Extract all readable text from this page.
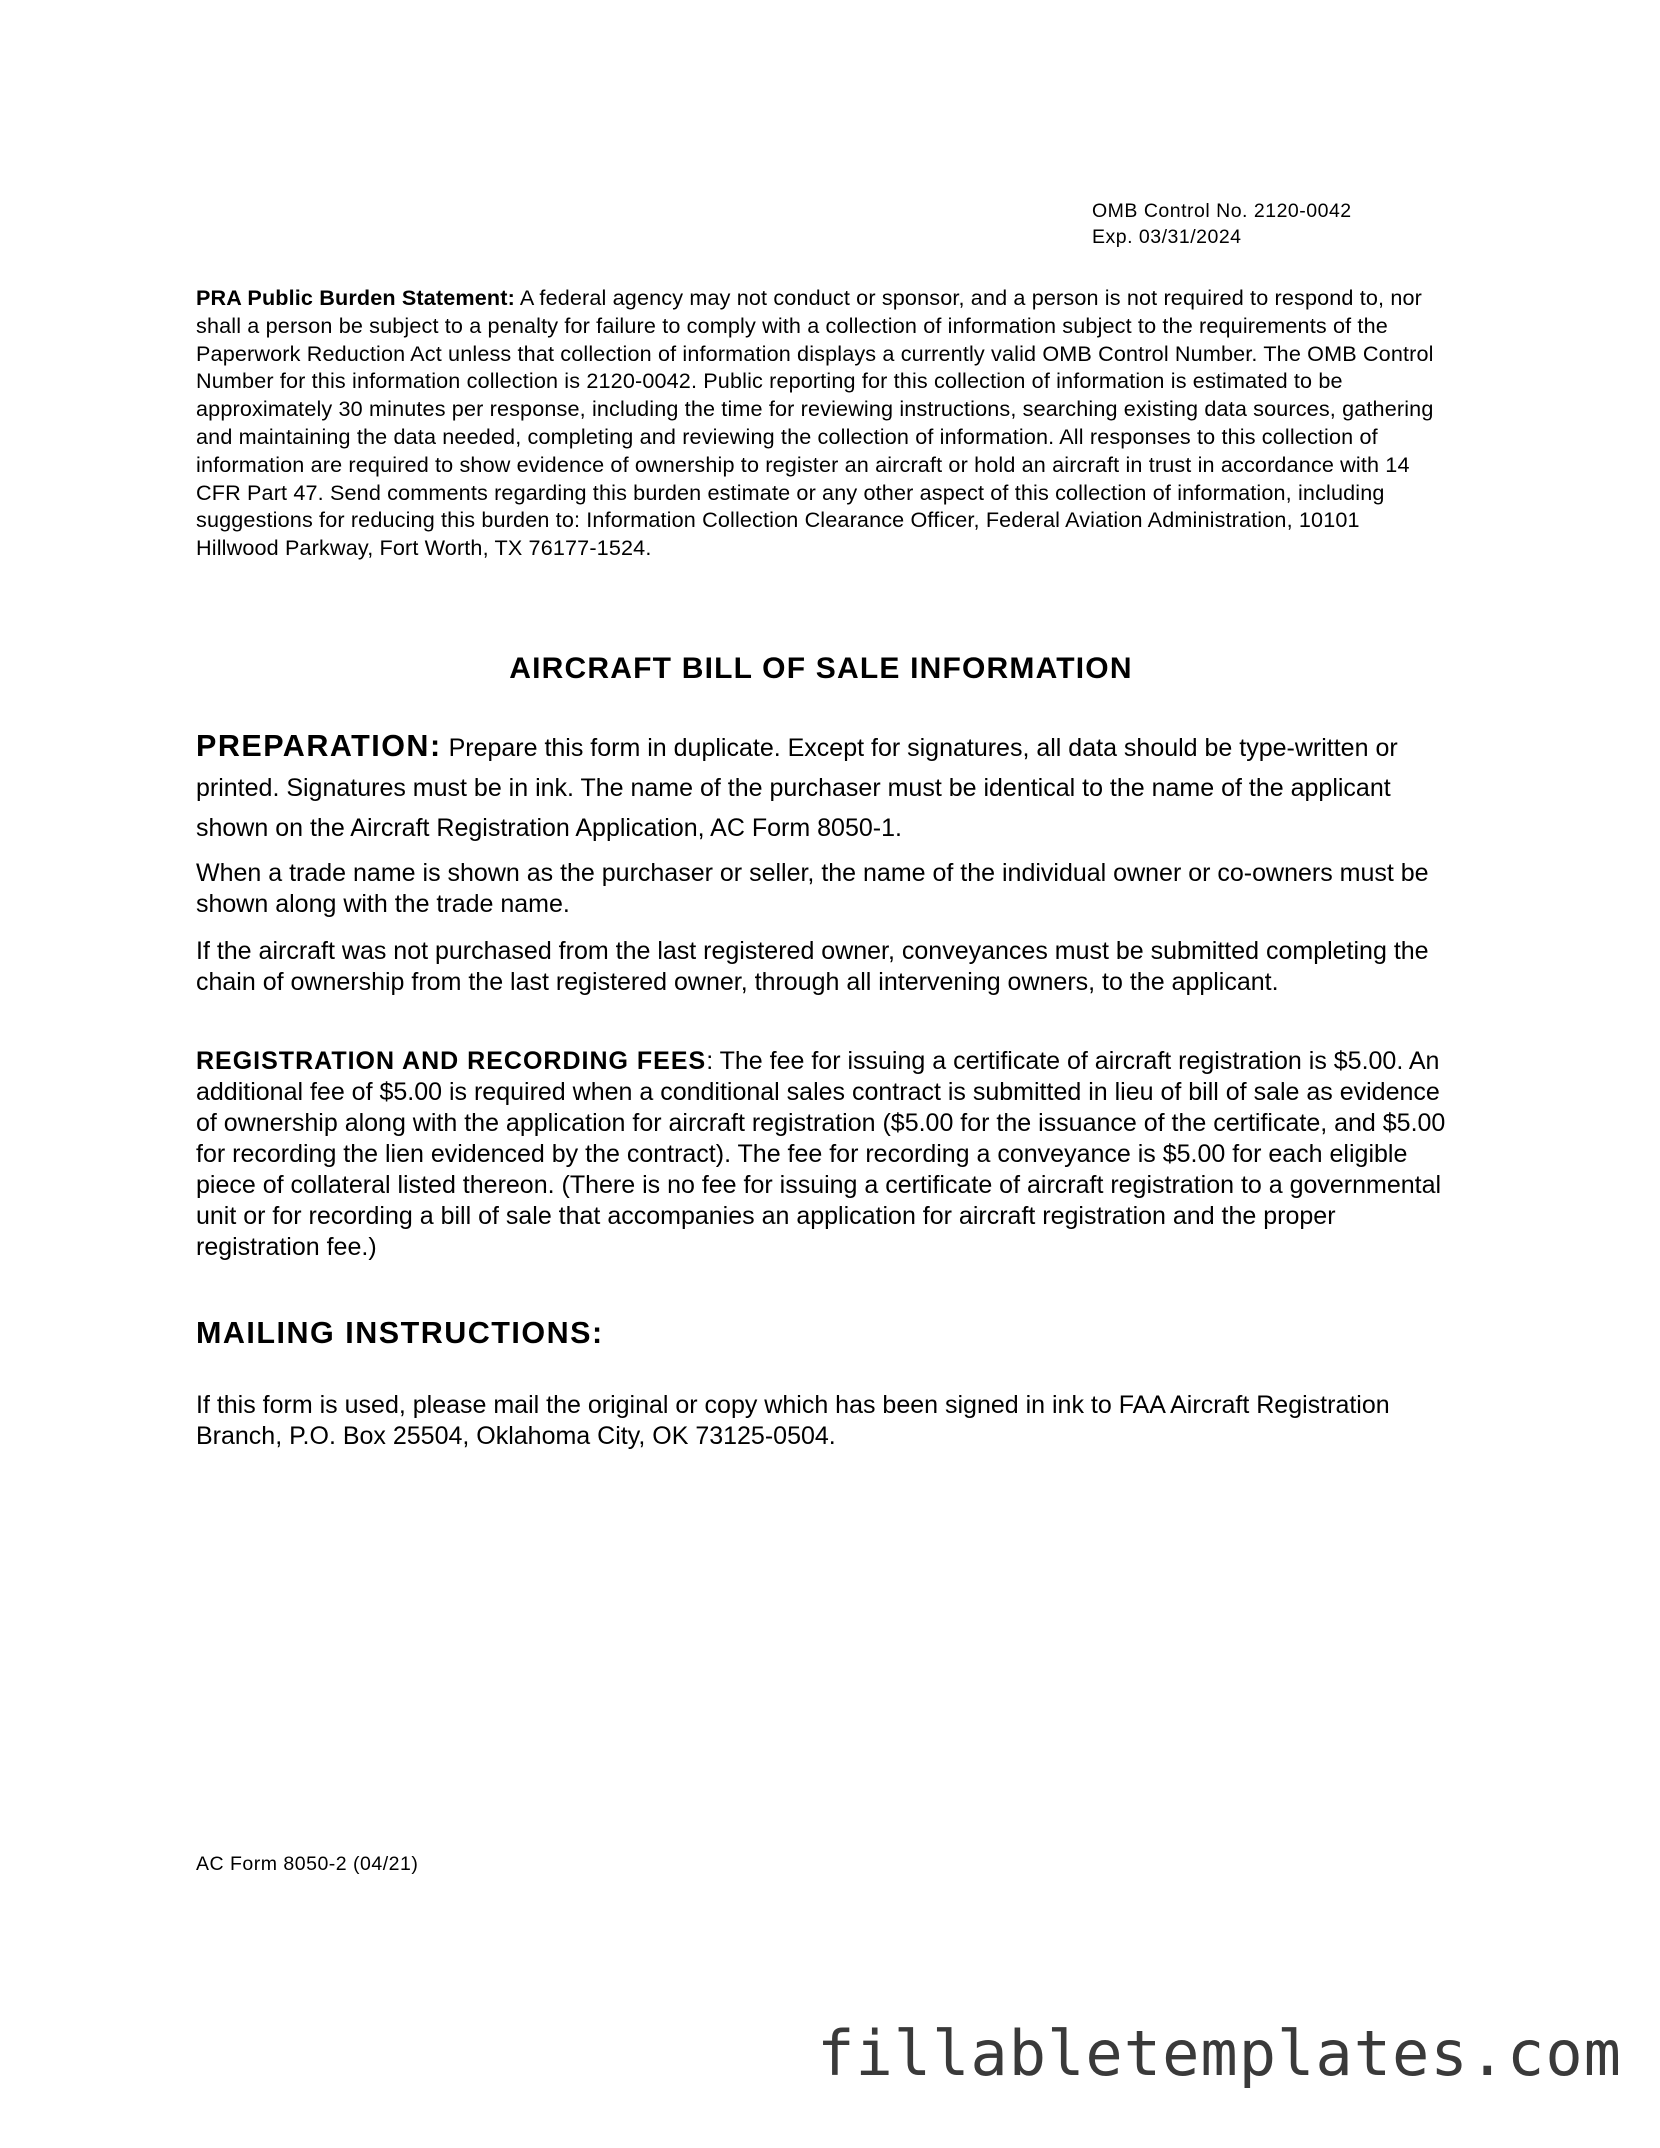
OMB Control No. 2120-0042
Exp. 03/31/2024
PRA Public Burden Statement: A federal agency may not conduct or sponsor, and a person is not required to respond to, nor shall a person be subject to a penalty for failure to comply with a collection of information subject to the requirements of the Paperwork Reduction Act unless that collection of information displays a currently valid OMB Control Number. The OMB Control Number for this information collection is 2120-0042. Public reporting for this collection of information is estimated to be approximately 30 minutes per response, including the time for reviewing instructions, searching existing data sources, gathering and maintaining the data needed, completing and reviewing the collection of information. All responses to this collection of information are required to show evidence of ownership to register an aircraft or hold an aircraft in trust in accordance with 14 CFR Part 47. Send comments regarding this burden estimate or any other aspect of this collection of information, including suggestions for reducing this burden to: Information Collection Clearance Officer, Federal Aviation Administration, 10101 Hillwood Parkway, Fort Worth, TX 76177-1524.
AIRCRAFT BILL OF SALE INFORMATION
PREPARATION: Prepare this form in duplicate. Except for signatures, all data should be type-written or printed. Signatures must be in ink. The name of the purchaser must be identical to the name of the applicant shown on the Aircraft Registration Application, AC Form 8050-1.

When a trade name is shown as the purchaser or seller, the name of the individual owner or co-owners must be shown along with the trade name.

If the aircraft was not purchased from the last registered owner, conveyances must be submitted completing the chain of ownership from the last registered owner, through all intervening owners, to the applicant.

REGISTRATION AND RECORDING FEES: The fee for issuing a certificate of aircraft registration is $5.00. An additional fee of $5.00 is required when a conditional sales contract is submitted in lieu of bill of sale as evidence of ownership along with the application for aircraft registration ($5.00 for the issuance of the certificate, and $5.00 for recording the lien evidenced by the contract). The fee for recording a conveyance is $5.00 for each eligible piece of collateral listed thereon. (There is no fee for issuing a certificate of aircraft registration to a governmental unit or for recording a bill of sale that accompanies an application for aircraft registration and the proper registration fee.)

MAILING INSTRUCTIONS:

If this form is used, please mail the original or copy which has been signed in ink to FAA Aircraft Registration Branch, P.O. Box 25504, Oklahoma City, OK 73125-0504.

AC Form 8050-2 (04/21)
fillabletemplates.com
